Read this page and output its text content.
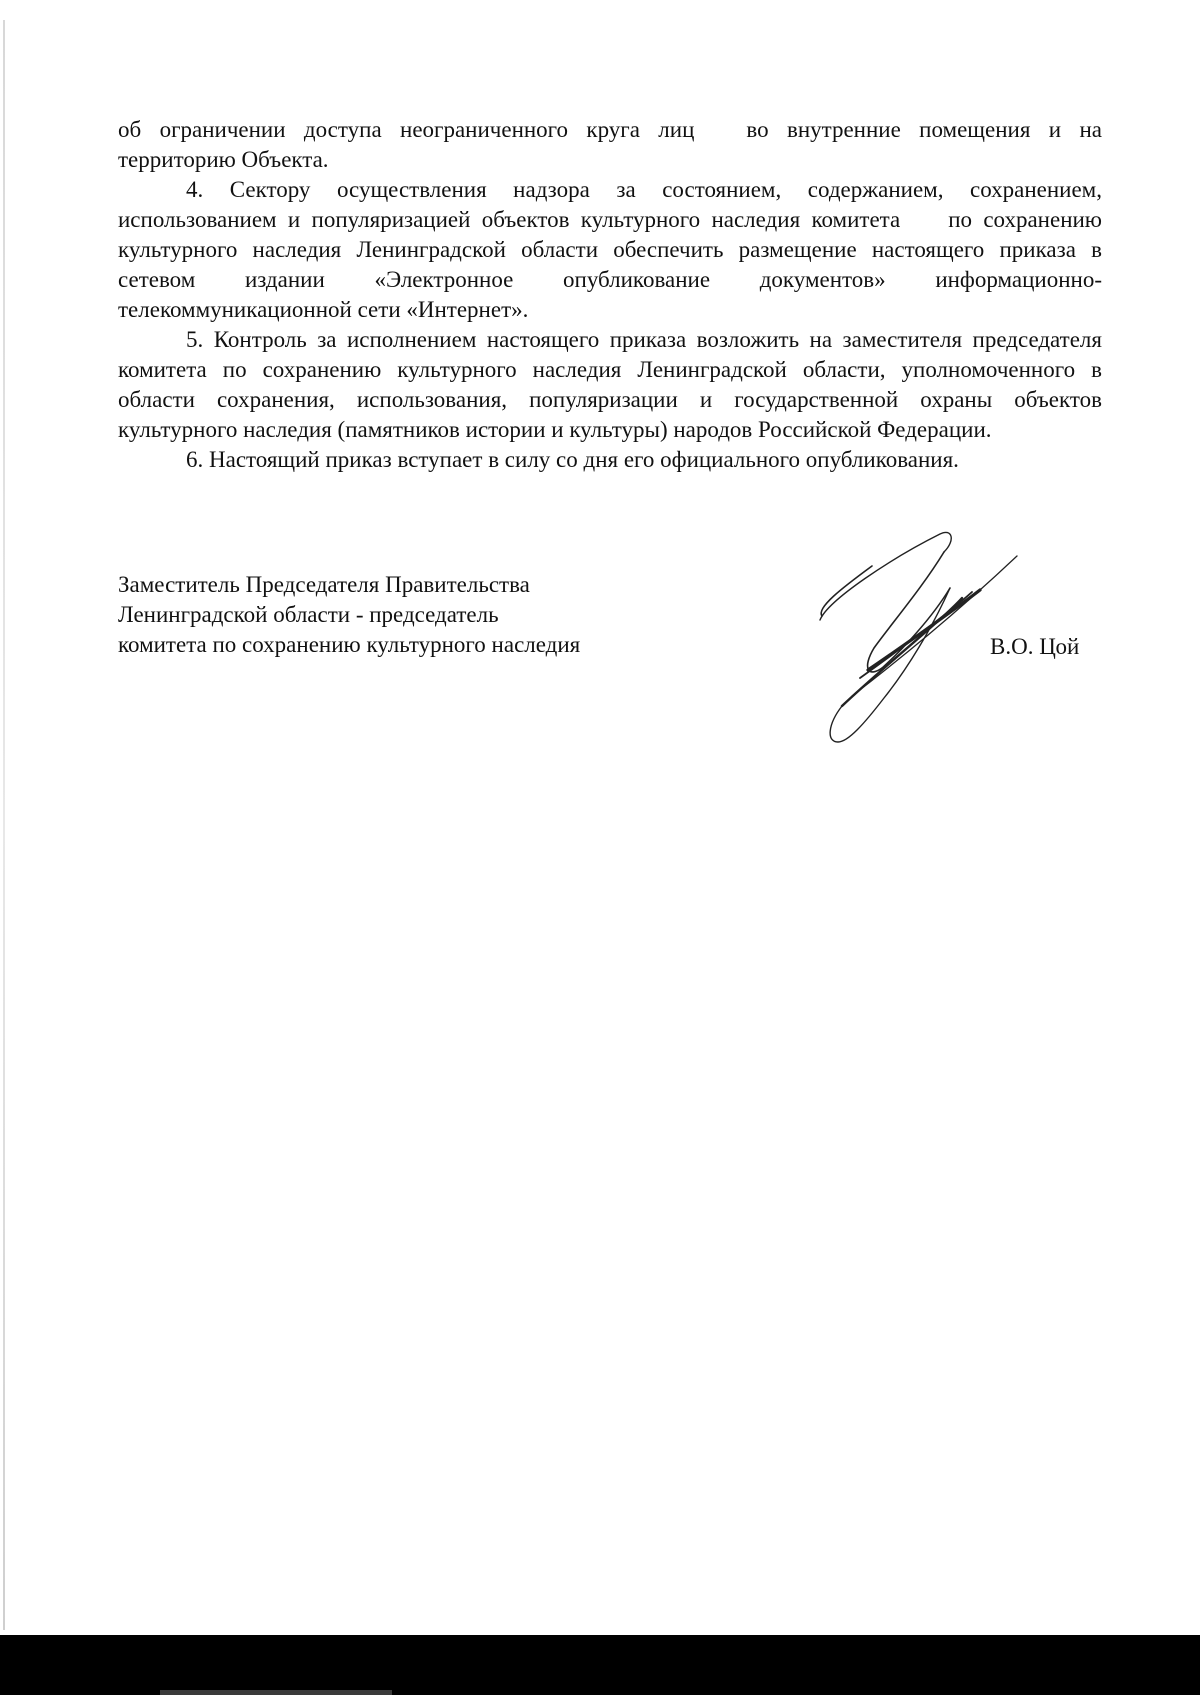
об ограничении доступа неограниченного круга лиц во внутренние помещения и на территорию Объекта.

4. Сектору осуществления надзора за состоянием, содержанием, сохранением, использованием и популяризацией объектов культурного наследия комитета по сохранению культурного наследия Ленинградской области обеспечить размещение настоящего приказа в сетевом издании «Электронное опубликование документов» информационно-телекоммуникационной сети «Интернет».

5. Контроль за исполнением настоящего приказа возложить на заместителя председателя комитета по сохранению культурного наследия Ленинградской области, уполномоченного в области сохранения, использования, популяризации и государственной охраны объектов культурного наследия (памятников истории и культуры) народов Российской Федерации.

6. Настоящий приказ вступает в силу со дня его официального опубликования.

Заместитель Председателя Правительства
Ленинградской области - председатель
комитета по сохранению культурного наследия	В.О. Цой
